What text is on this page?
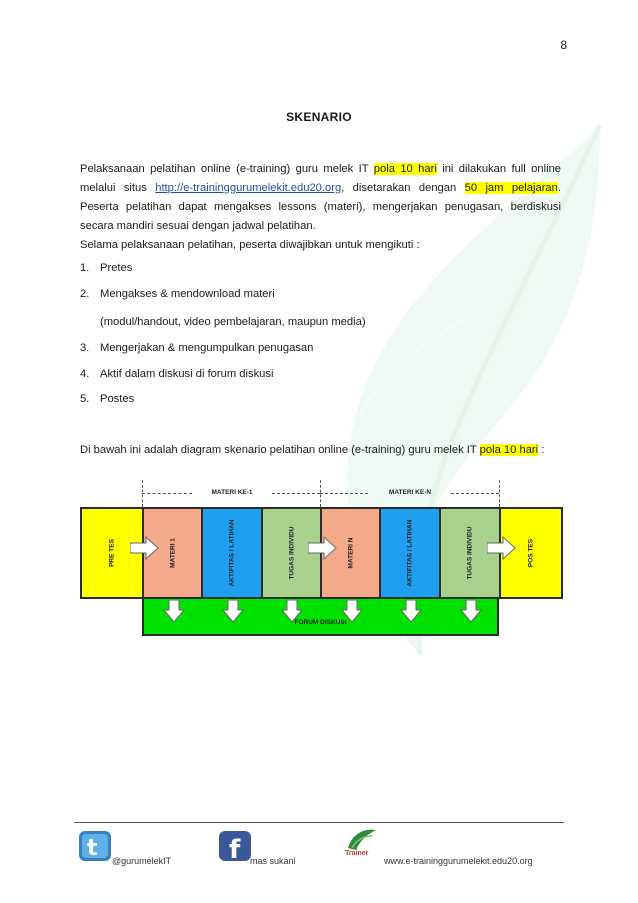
8
SKENARIO
Pelaksanaan pelatihan online (e-training) guru melek IT pola 10 hari ini dilakukan full online melalui situs http://e-traininggurumelekit.edu20.org, disetarakan dengan 50 jam pelajaran. Peserta pelatihan dapat mengakses lessons (materi), mengerjakan penugasan, berdiskusi secara mandiri sesuai dengan jadwal pelatihan.
Selama pelaksanaan pelatihan, peserta diwajibkan untuk mengikuti :
1. Pretes
2. Mengakses & mendownload materi
(modul/handout, video pembelajaran, maupun media)
3. Mengerjakan & mengumpulkan penugasan
4. Aktif dalam diskusi di forum diskusi
5. Postes
Di bawah ini adalah diagram skenario pelatihan online (e-training) guru melek IT pola 10 hari :
MATERI KE-1	MATERI KE-N
FORUM DISKUSI
PRE TES	MATERI 1	AKTIFITAS / LATIHAN	TUGAS INDIVIDU	MATERI N	AKTIFITAS / LATIHAN	TUGAS INDIVIDU	POS TES
t @gurumelekIT f mas sukani
Trainer
www.e-traininggurumelekit.edu20.org
